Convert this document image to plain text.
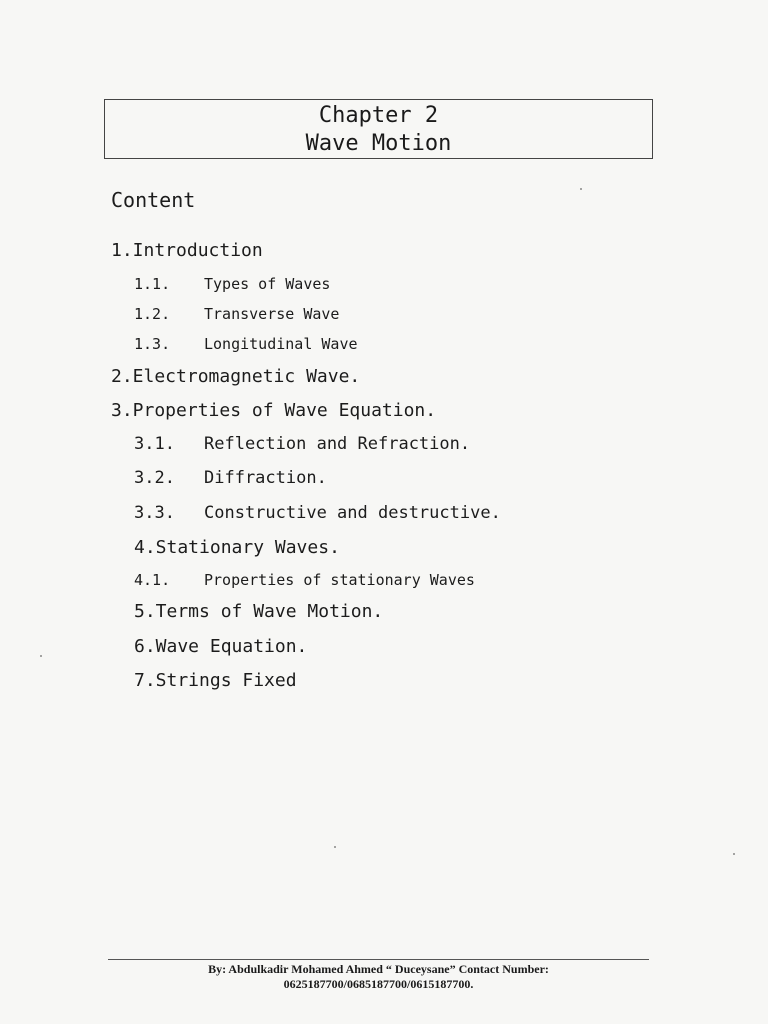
Chapter 2
Wave Motion
Content
1.Introduction
1.1. Types of Waves
1.2. Transverse Wave
1.3. Longitudinal Wave
2.Electromagnetic Wave.
3.Properties of Wave Equation.
3.1. Reflection and Refraction.
3.2. Diffraction.
3.3. Constructive and destructive.
4.Stationary Waves.
4.1. Properties of stationary Waves
5.Terms of Wave Motion.
6.Wave Equation.
7.Strings Fixed
By: Abdulkadir Mohamed Ahmed “ Duceysane” Contact Number:
0625187700/0685187700/0615187700.
